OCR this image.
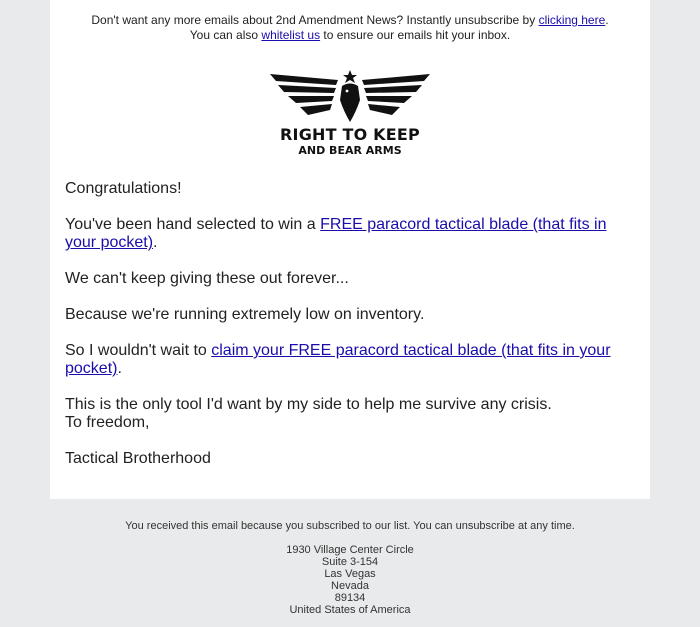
Don't want any more emails about 2nd Amendment News? Instantly unsubscribe by clicking here.
You can also whitelist us to ensure our emails hit your inbox.
RIGHT TO KEEP
AND BEAR ARMS

Congratulations!

You've been hand selected to win a FREE paracord tactical blade (that fits in your pocket).

We can't keep giving these out forever...

Because we're running extremely low on inventory.

So I wouldn't wait to claim your FREE paracord tactical blade (that fits in your pocket).

This is the only tool I'd want by my side to help me survive any crisis.
To freedom,

Tactical Brotherhood

You received this email because you subscribed to our list. You can unsubscribe at any time.
1930 Village Center Circle
Suite 3-154
Las Vegas
Nevada
89134
United States of America
